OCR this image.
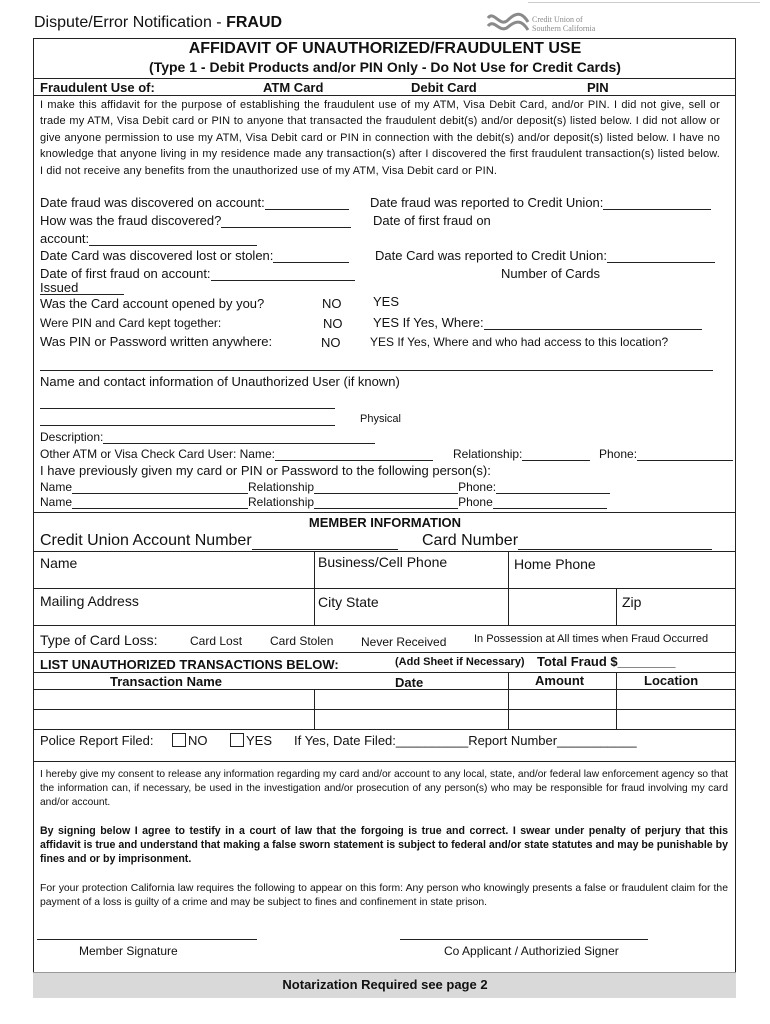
Dispute/Error Notification - FRAUD	Credit Union of
Southern California
AFFIDAVIT OF UNAUTHORIZED/FRAUDULENT USE
(Type 1 - Debit Products and/or PIN Only - Do Not Use for Credit Cards)
Fraudulent Use of:	ATM Card	Debit Card	PIN
I make this affidavit for the purpose of establishing the fraudulent use of my ATM, Visa Debit Card, and/or PIN. I did not give, sell or trade my ATM, Visa Debit card or PIN to anyone that transacted the fraudulent debit(s) and/or deposit(s) listed below. I did not allow or give anyone permission to use my ATM, Visa Debit card or PIN in connection with the debit(s) and/or deposit(s) listed below. I have no knowledge that anyone living in my residence made any transaction(s) after I discovered the first fraudulent transaction(s) listed below. I did not receive any benefits from the unauthorized use of my ATM, Visa Debit card or PIN.
Date fraud was discovered on account:	Date fraud was reported to Credit Union:
How was the fraud discovered?	Date of first fraud on
account:
Date Card was discovered lost or stolen:	Date Card was reported to Credit Union:
Date of first fraud on account:	Number of Cards
Issued
Was the Card account opened by you?	NO YES
Were PIN and Card kept together:	NO YES If Yes, Where:
Was PIN or Password written anywhere:	NO YES If Yes, Where and who had access to this location?
Name and contact information of Unauthorized User (if known)
Physical
Description:
Other ATM or Visa Check Card User: Name:	Relationship:	Phone:
I have previously given my card or PIN or Password to the following person(s):
Name	Relationship	Phone:
Name	Relationship	Phone
MEMBER INFORMATION
Credit Union Account Number	Card Number
Name	Business/Cell Phone	Home Phone
Mailing Address	City State	Zip
Type of Card Loss:	Card Lost Card Stolen Never Received	In Possession at All times when Fraud Occurred
LIST UNAUTHORIZED TRANSACTIONS BELOW:	(Add Sheet if Necessary) Total Fraud $________
Transaction Name	Date	Amount	Location
Police Report Filed:	NO	YES If Yes, Date Filed:__________Report Number___________
I hereby give my consent to release any information regarding my card and/or account to any local, state, and/or federal law enforcement agency so that the information can, if necessary, be used in the investigation and/or prosecution of any person(s) who may be responsible for fraud involving my card and/or account.
By signing below I agree to testify in a court of law that the forgoing is true and correct. I swear under penalty of perjury that this affidavit is true and understand that making a false sworn statement is subject to federal and/or state statutes and may be punishable by fines and or by imprisonment.
For your protection California law requires the following to appear on this form: Any person who knowingly presents a false or fraudulent claim for the payment of a loss is guilty of a crime and may be subject to fines and confinement in state prison.
Member Signature	Co Applicant / Authorizied Signer
Notarization Required see page 2
